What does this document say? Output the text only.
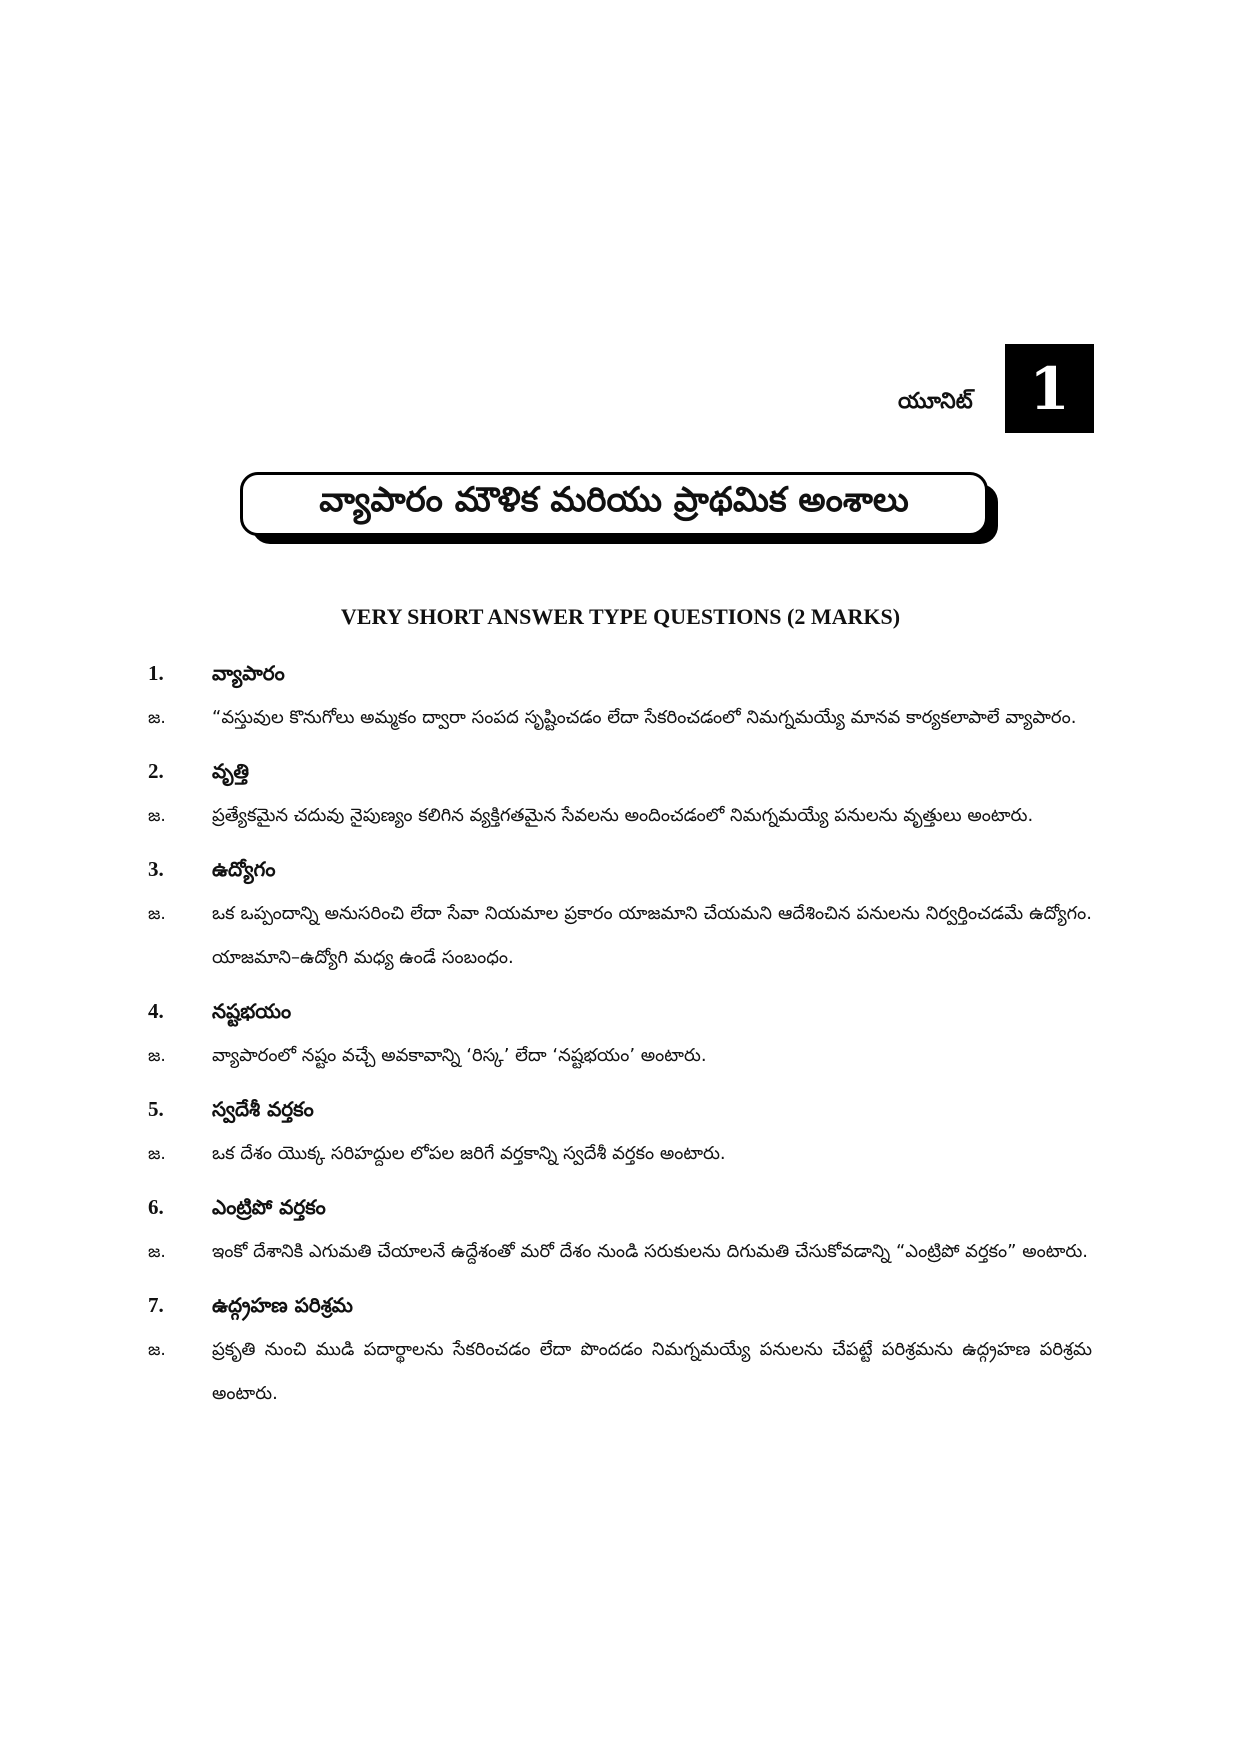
యూనిట్ 1
వ్యాపారం మౌళిక మరియు ప్రాథమిక అంశాలు
VERY SHORT ANSWER TYPE QUESTIONS (2 MARKS)
1.	వ్యాపారం
జ.	“వస్తువుల కొనుగోలు అమ్మకం ద్వారా సంపద సృష్టించడం లేదా సేకరించడంలో నిమగ్నమయ్యే మానవ కార్యకలాపాలే వ్యాపారం.
2.	వృత్తి
జ.	ప్రత్యేకమైన చదువు నైపుణ్యం కలిగిన వ్యక్తిగతమైన సేవలను అందించడంలో నిమగ్నమయ్యే పనులను వృత్తులు అంటారు.
3.	ఉద్యోగం
జ.	ఒక ఒప్పందాన్ని అనుసరించి లేదా సేవా నియమాల ప్రకారం యాజమాని చేయమని ఆదేశించిన పనులను నిర్వర్తించడమే ఉద్యోగం. యాజమాని–ఉద్యోగి మధ్య ఉండే సంబంధం.
4.	నష్టభయం
జ.	వ్యాపారంలో నష్టం వచ్చే అవకావాన్ని ‘రిస్క’ లేదా ‘నష్టభయం’ అంటారు.
5.	స్వదేశీ వర్తకం
జ.	ఒక దేశం యొక్క సరిహద్దుల లోపల జరిగే వర్తకాన్ని స్వదేశీ వర్తకం అంటారు.
6.	ఎంట్రిపో వర్తకం
జ.	ఇంకో దేశానికి ఎగుమతి చేయాలనే ఉద్దేశంతో మరో దేశం నుండి సరుకులను దిగుమతి చేసుకోవడాన్ని “ఎంట్రిపో వర్తకం” అంటారు.
7.	ఉద్గ్రహణ పరిశ్రమ
జ.	ప్రకృతి నుంచి ముడి పదార్థాలను సేకరించడం లేదా పొందడం నిమగ్నమయ్యే పనులను చేపట్టే పరిశ్రమను ఉద్గ్రహణ పరిశ్రమ అంటారు.
